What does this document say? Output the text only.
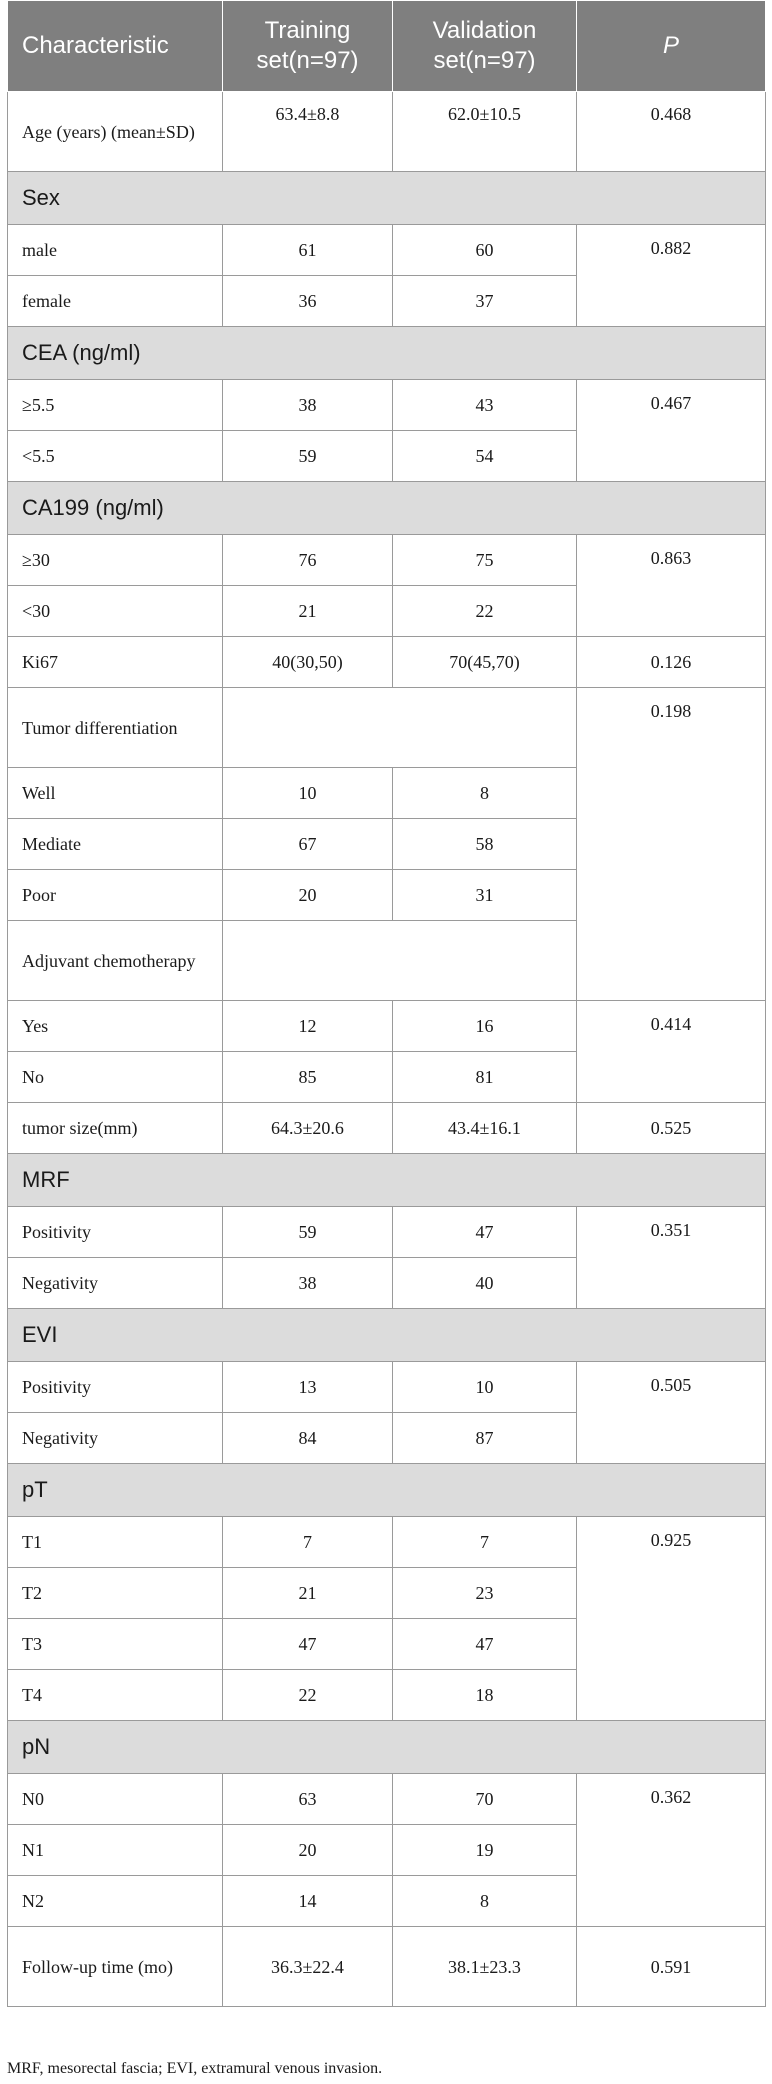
Characteristic	Training set(n=97)	Validation set(n=97)	P
Age (years) (mean±SD)	63.4±8.8	62.0±10.5	0.468
Sex			
male	61	60	0.882
female	36	37	
CEA (ng/ml)			
≥5.5	38	43	0.467
<5.5	59	54	
CA199 (ng/ml)			
≥30	76	75	0.863
<30	21	22	
Ki67	40(30,50)	70(45,70)	0.126
Tumor differentiation			0.198
Well	10	8	
Mediate	67	58	
Poor	20	31	
Adjuvant chemotherapy			
Yes	12	16	0.414
No	85	81	
tumor size(mm)	64.3±20.6	43.4±16.1	0.525
MRF			
Positivity	59	47	0.351
Negativity	38	40	
EVI			
Positivity	13	10	0.505
Negativity	84	87	
pT			
T1	7	7	0.925
T2	21	23	
T3	47	47	
T4	22	18	
pN			
N0	63	70	0.362
N1	20	19	
N2	14	8	
Follow-up time (mo)	36.3±22.4	38.1±23.3	0.591
MRF, mesorectal fascia; EVI, extramural venous invasion.
